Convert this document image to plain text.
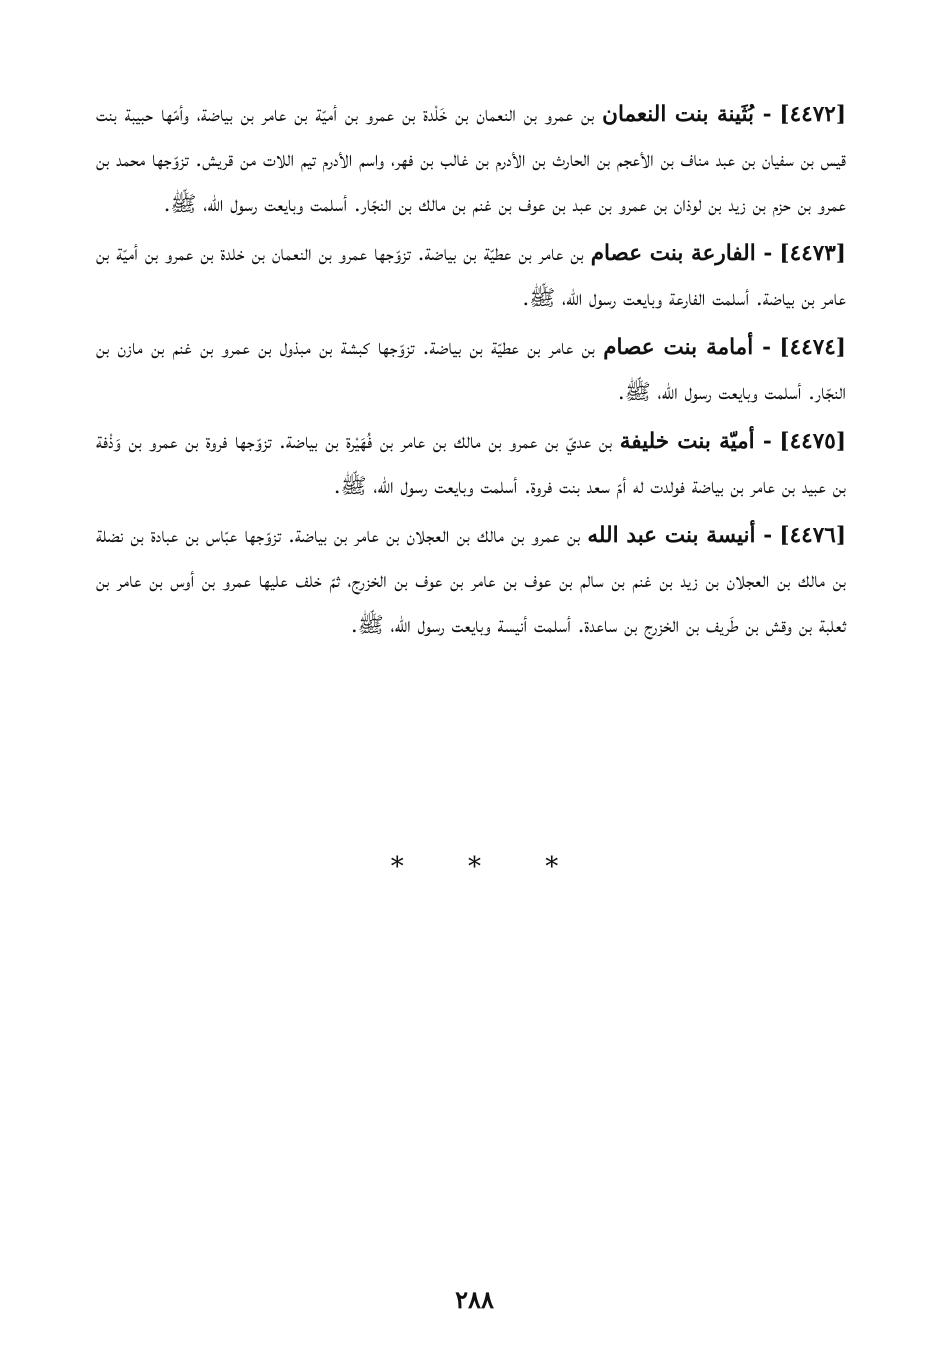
[٤٤٧٢] - بُثَينة بنت النعمان بن عمرو بن النعمان بن خَلْدة بن عمرو بن أميّة بن عامر بن بياضة، وأمّها حبيبة بنت قيس بن سفيان بن عبد مناف بن الأعجم بن الحارث بن الأدرم بن غالب بن فهر، واسم الأدرم تيم اللات من قريش. تزوّجها محمد بن عمرو بن حزم بن زيد بن لوذان بن عمرو بن عبد بن عوف بن غنم بن مالك بن النجّار. أسلمت وبايعت رسول الله، ﷺ.

[٤٤٧٣] - الفارعة بنت عصام بن عامر بن عطيّة بن بياضة. تزوّجها عمرو بن النعمان بن خلدة بن عمرو بن أميّة بن عامر بن بياضة. أسلمت الفارعة وبايعت رسول الله، ﷺ.

[٤٤٧٤] - أمامة بنت عصام بن عامر بن عطيّة بن بياضة. تزوّجها كبشة بن مبذول بن عمرو بن غنم بن مازن بن النجّار. أسلمت وبايعت رسول الله، ﷺ.

[٤٤٧٥] - أميّة بنت خليفة بن عديّ بن عمرو بن مالك بن عامر بن فُهَيْرة بن بياضة. تزوّجها فروة بن عمرو بن وَذْفة بن عبيد بن عامر بن بياضة فولدت له أمّ سعد بنت فروة. أسلمت وبايعت رسول الله، ﷺ.

[٤٤٧٦] - أنيسة بنت عبد الله بن عمرو بن مالك بن العجلان بن عامر بن بياضة. تزوّجها عبّاس بن عبادة بن نضلة بن مالك بن العجلان بن زيد بن غنم بن سالم بن عوف بن عامر بن عوف بن الخزرج، ثمّ خلف عليها عمرو بن أوس بن عامر بن ثعلبة بن وقش بن طَريف بن الخزرج بن ساعدة. أسلمت أنيسة وبايعت رسول الله، ﷺ.

* * *
٢٨٨
